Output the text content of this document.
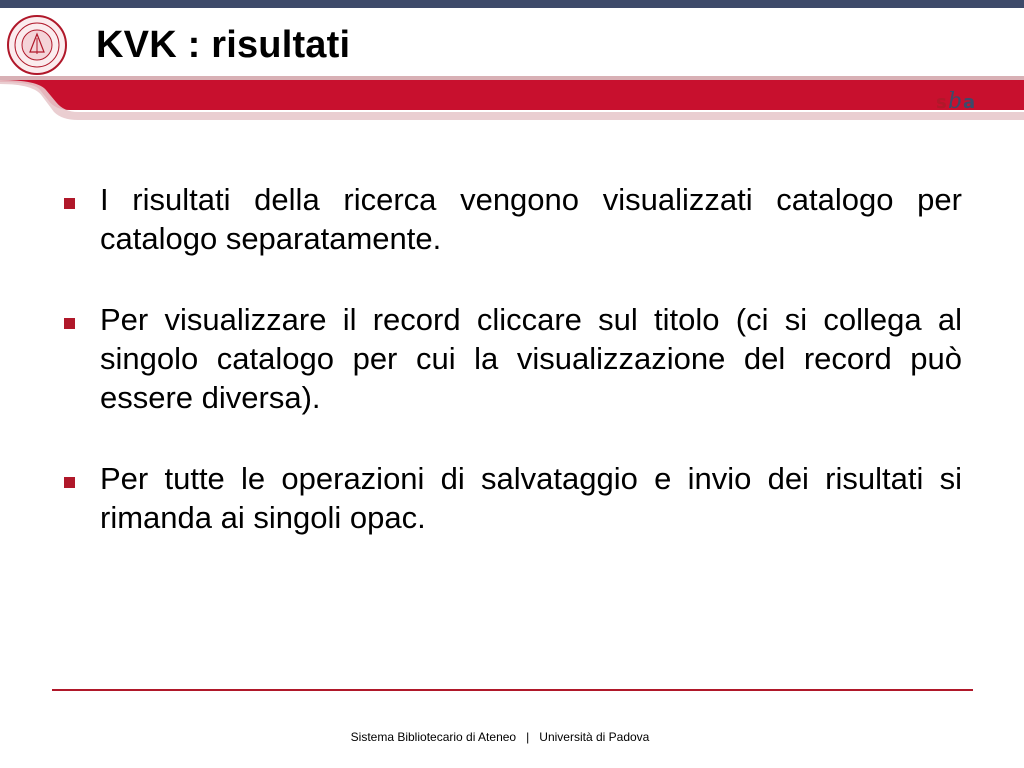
KVK : risultati
s b a

I risultati della ricerca vengono visualizzati catalogo per catalogo separatamente.

Per visualizzare il record cliccare sul titolo (ci si collega al singolo catalogo per cui la visualizzazione del record può essere diversa).

Per tutte le operazioni di salvataggio e invio dei risultati si rimanda ai singoli opac.

Sistema Bibliotecario di Ateneo | Università di Padova
